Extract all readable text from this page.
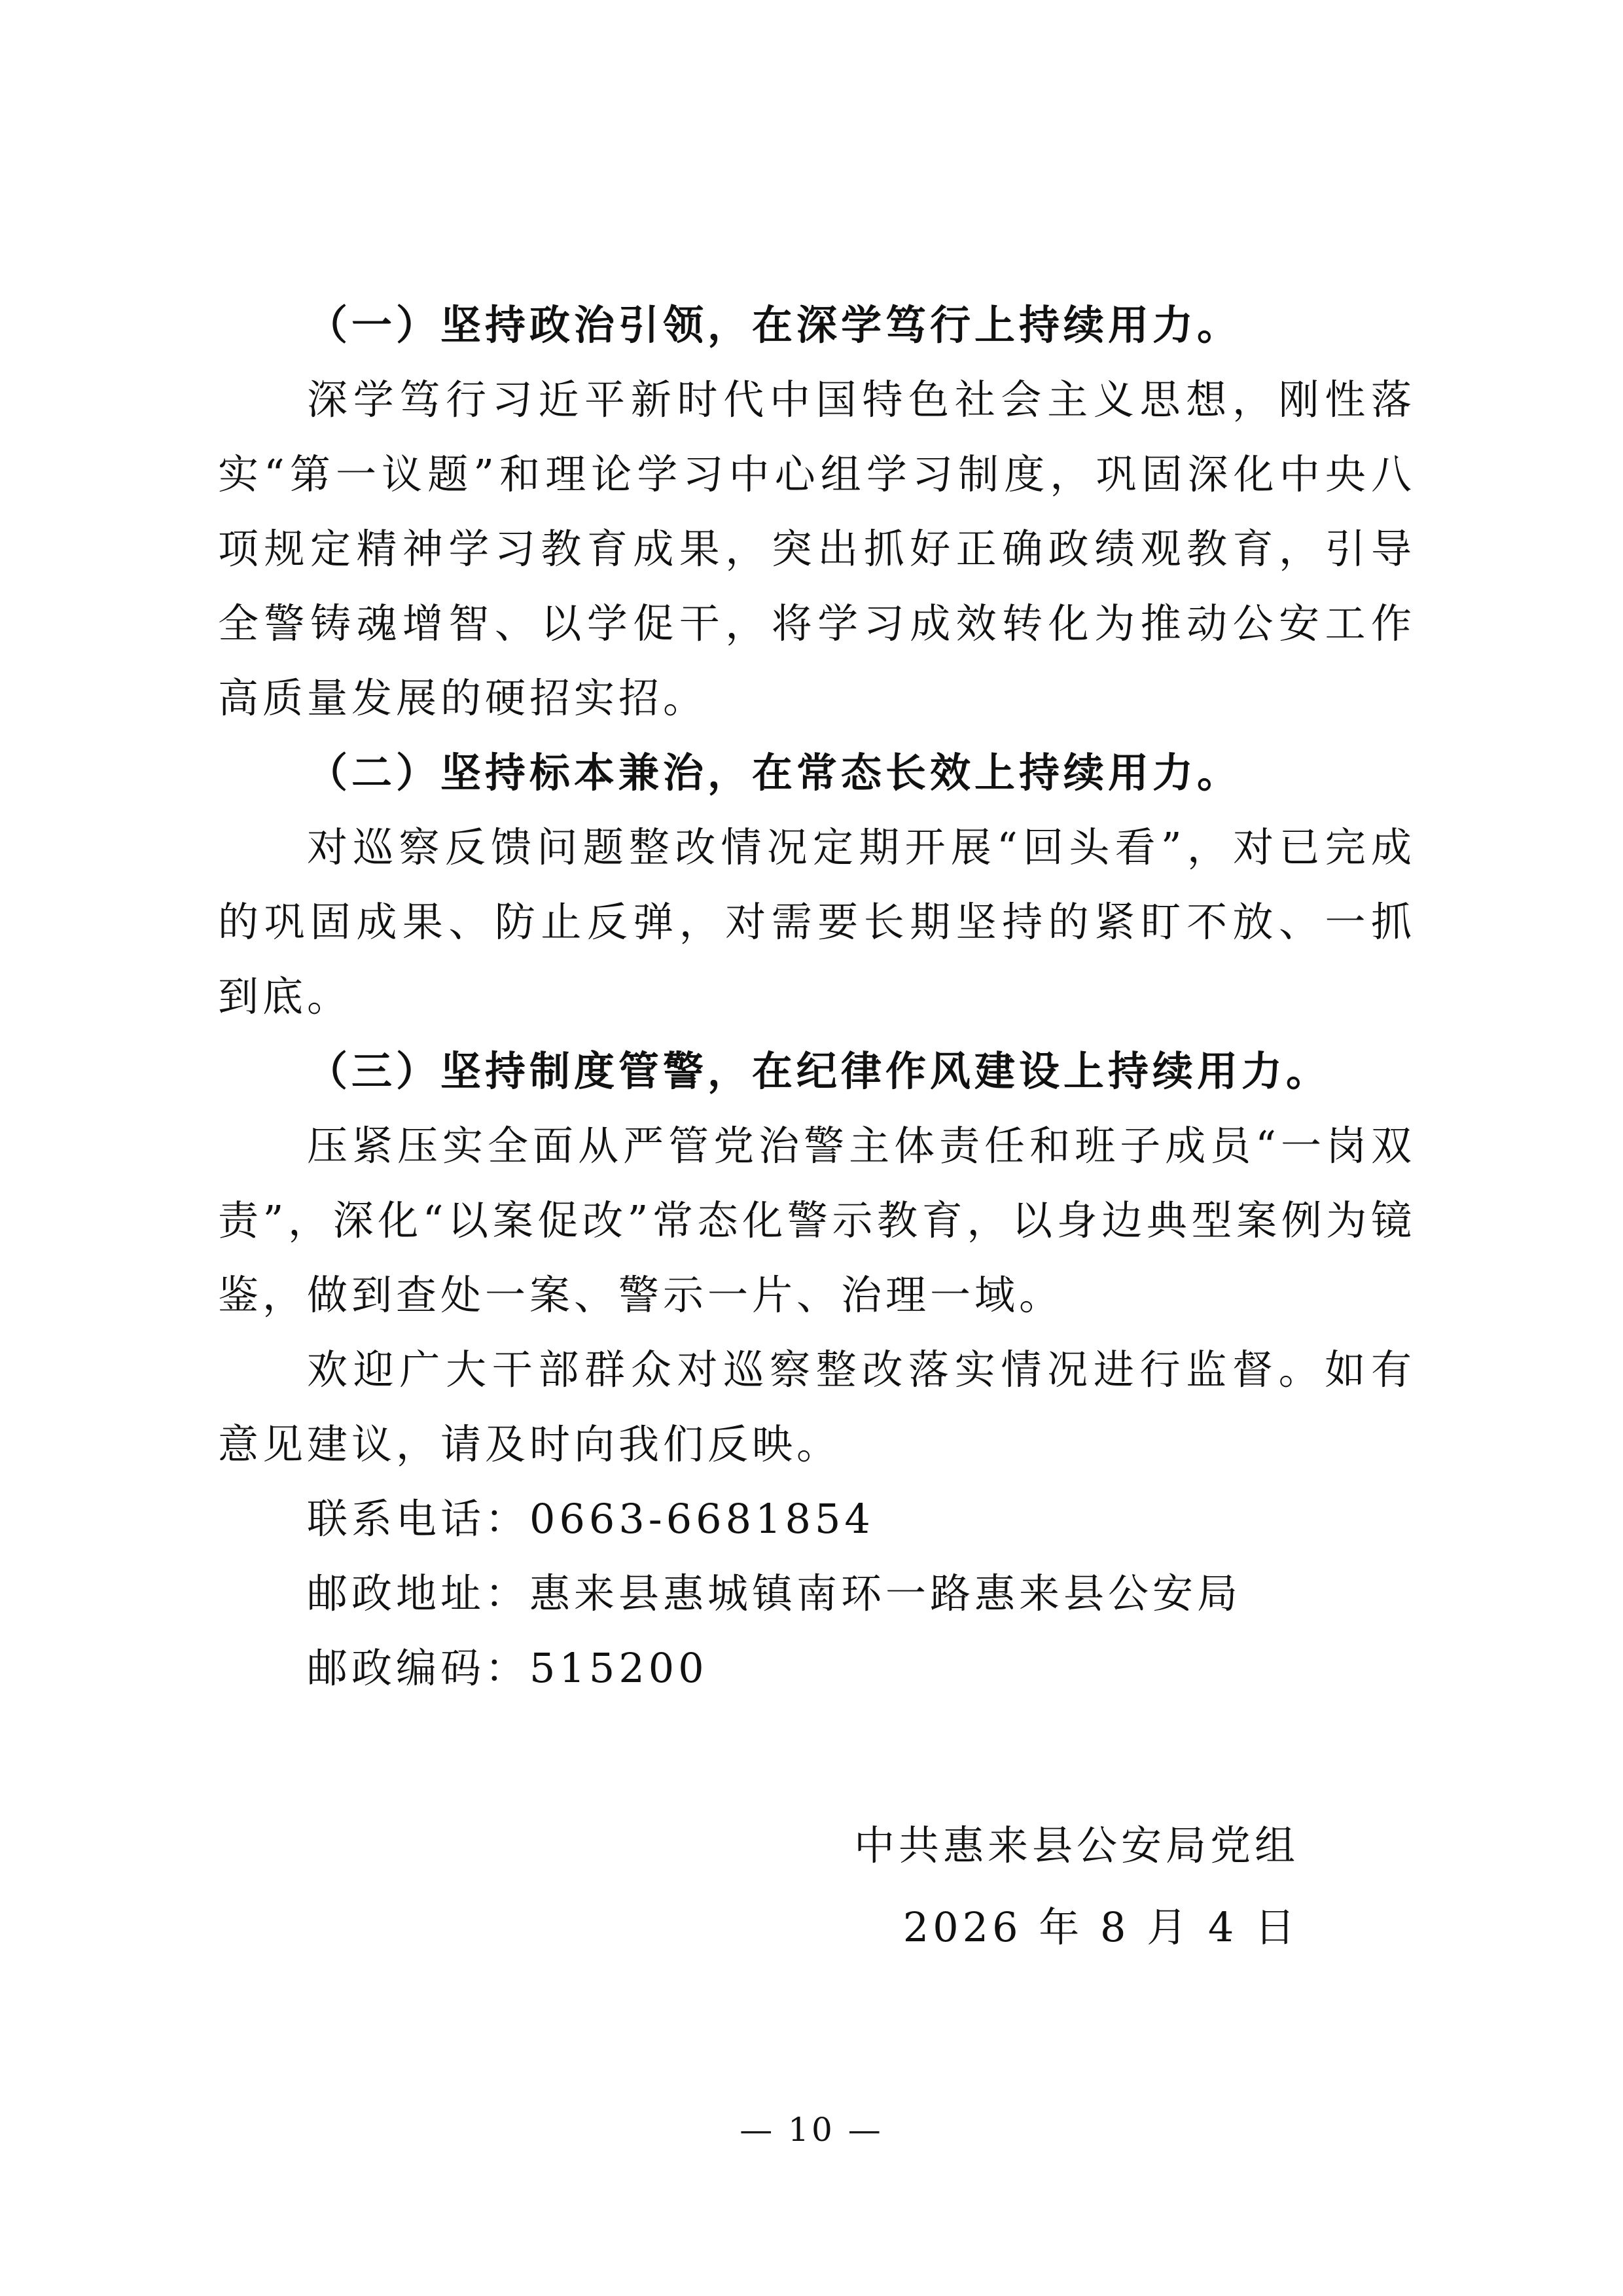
（一）坚持政治引领，在深学笃行上持续用力。

深学笃行习近平新时代中国特色社会主义思想，刚性落实“第一议题”和理论学习中心组学习制度，巩固深化中央八项规定精神学习教育成果，突出抓好正确政绩观教育，引导全警铸魂增智、以学促干，将学习成效转化为推动公安工作高质量发展的硬招实招。

（二）坚持标本兼治，在常态长效上持续用力。

对巡察反馈问题整改情况定期开展“回头看”，对已完成的巩固成果、防止反弹，对需要长期坚持的紧盯不放、一抓到底。

（三）坚持制度管警，在纪律作风建设上持续用力。

压紧压实全面从严管党治警主体责任和班子成员“一岗双责”，深化“以案促改”常态化警示教育，以身边典型案例为镜鉴，做到查处一案、警示一片、治理一域。

欢迎广大干部群众对巡察整改落实情况进行监督。如有意见建议，请及时向我们反映。

联系电话：0663-6681854

邮政地址：惠来县惠城镇南环一路惠来县公安局

邮政编码：515200

中共惠来县公安局党组
2026 年 8 月 4 日
— 10 —
